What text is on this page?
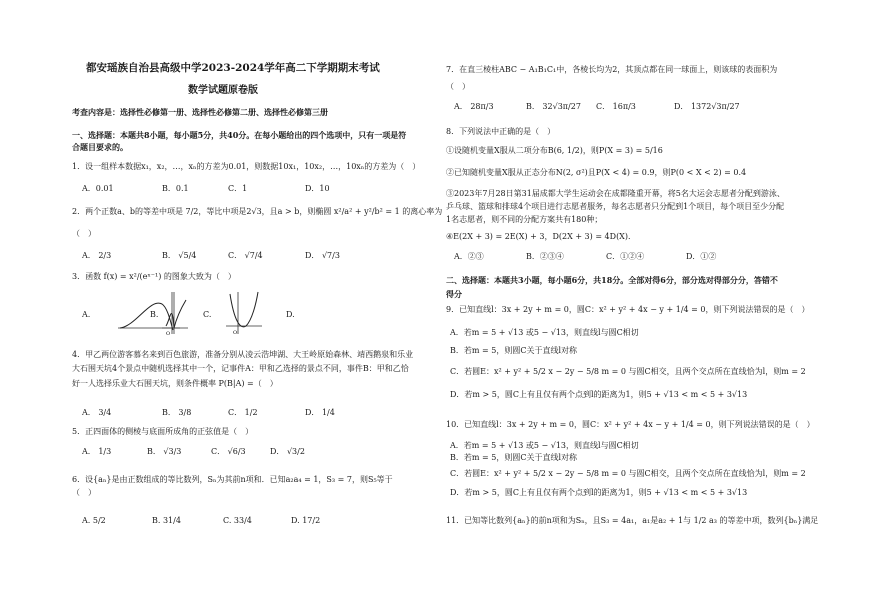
都安瑶族自治县高级中学2023-2024学年高二下学期期末考试
数学试题原卷版
考查内容是：选择性必修第一册、选择性必修第二册、选择性必修第三册
一、选择题：本题共8小题，每小题5分，共40分。在每小题给出的四个选项中，只有一项是符
合题目要求的。
1．设一组样本数据x₁，x₂，…，xₙ的方差为0.01，则数据10x₁，10x₂，…，10xₙ的方差为（　）
A．0.01	B．0.1	C．1	D．10
2．两个正数a、b的等差中项是 7/2，等比中项是2√3，且a > b，则椭圆 x²/a² + y²/b² = 1 的离心率为
（　）
A． 2/3	B． √5/4	C． √7/4	D． √7/3
3．函数 f(x) = x²/(eˣ⁻¹) 的图象大致为（　）
A.
O
B.	C.
O
D.
4．甲乙两位游客慕名来到百色旅游，准备分别从凌云浩坤湖、大王岭原始森林、靖西鹅泉和乐业
大石围天坑4个景点中随机选择其中一个，记事件A：甲和乙选择的景点不同，事件B：甲和乙恰
好一人选择乐业大石围天坑，则条件概率 P(B|A) =（　）
A． 3/4	B． 3/8	C． 1/2	D． 1/4
5．正四面体的侧棱与底面所成角的正弦值是（　）
A． 1/3	B． √3/3	C． √6/3	D． √3/2
6．设{aₙ}是由正数组成的等比数列，Sₙ为其前n项和．已知a₂a₄ = 1，S₃ = 7，则S₅等于
（　）
A. 5/2	B. 31/4	C. 33/4	D. 17/2
7．在直三棱柱ABC − A₁B₁C₁中，各棱长均为2，其顶点都在同一球面上，则该球的表面积为
（　）
A． 28π/3	B． 32√3π/27 C． 16π/3	D． 1372√3π/27
8．下列说法中正确的是（　）
①设随机变量X服从二项分布B(6, 1/2)，则P(X = 3) = 5/16
②已知随机变量X服从正态分布N(2, σ²)且P(X < 4) = 0.9，则P(0 < X < 2) = 0.4
③2023年7月28日第31届成都大学生运动会在成都隆重开幕，将5名大运会志愿者分配到游泳、
乒乓球、篮球和排球4个项目进行志愿者服务，每名志愿者只分配到1个项目，每个项目至少分配
1名志愿者，则不同的分配方案共有180种；
④E(2X + 3) = 2E(X) + 3，D(2X + 3) = 4D(X)．
A．②③	B．②③④	C．①②④	D．①②
二、选择题：本题共3小题，每小题6分，共18分。全部对得6分，部分选对得部分分，答错不
得分
9．已知直线l：3x + 2y + m = 0，圆C：x² + y² + 4x − y + 1/4 = 0，则下列说法错误的是（　）
A．若m = 5 + √13 或5 − √13，则直线l与圆C相切
B．若m = 5，则圆C关于直线l对称
C．若圆E：x² + y² + 5/2 x − 2y − 5/8 m = 0 与圆C相交，且两个交点所在直线恰为l，则m = 2
D．若m > 5，圆C上有且仅有两个点到l的距离为1，则5 + √13 < m < 5 + 3√13
10．已知直线l：3x + 2y + m = 0，圆C：x² + y² + 4x − y + 1/4 = 0，则下列说法错误的是（　）
A．若m = 5 + √13 或5 − √13，则直线l与圆C相切
B．若m = 5，则圆C关于直线l对称
C．若圆E：x² + y² + 5/2 x − 2y − 5/8 m = 0 与圆C相交，且两个交点所在直线恰为l，则m = 2
D．若m > 5，圆C上有且仅有两个点到l的距离为1，则5 + √13 < m < 5 + 3√13
11．已知等比数列{aₙ}的前n项和为Sₙ，且S₃ = 4a₁，a₁是a₂ + 1与 1/2 a₃ 的等差中项，数列{bₙ}满足
